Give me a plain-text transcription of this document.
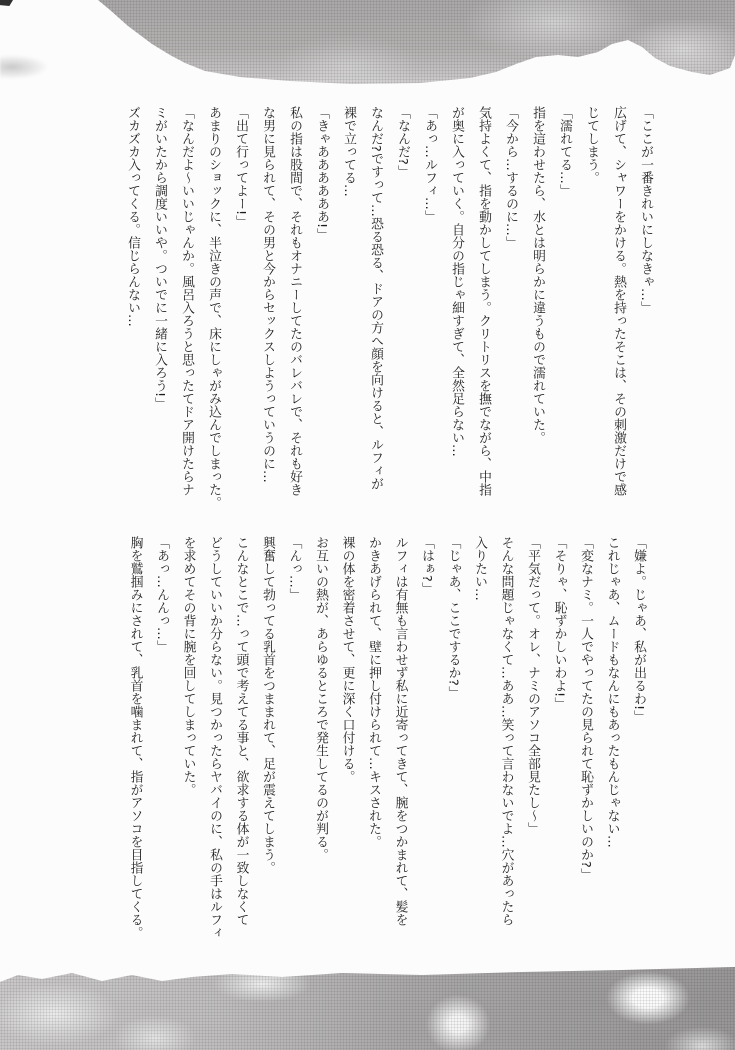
「ここが一番きれいにしなきゃ…」

広げて、シャワーをかける。熱を持ったそこは、その刺激だけで感

じてしまう。

「濡れてる…」

指を這わせたら、水とは明らかに違うもので濡れていた。

「今から…するのに…」

気持よくて、指を動かしてしまう。クリトリスを撫でながら、中指

が奥に入っていく。自分の指じゃ細すぎて、全然足らない…

「あっ…ルフィ…」

「なんだ?」

なんだ?ですって…恐る恐る、ドアの方へ顔を向けると、ルフィが

裸で立ってる…

「きゃああああああ!」

私の指は股間で、それもオナニーしてたのバレバレで、それも好き

な男に見られて、その男と今からセックスしようっていうのに…

「出て行ってよー!」

あまりのショックに、半泣きの声で、床にしゃがみ込んでしまった。

「なんだよ〜いいじゃんか。風呂入ろうと思ったてドア開けたらナ

ミがいたから調度いいや。ついでに一緒に入ろう!」

ズカズカ入ってくる。信じらんない…

「嫌よ。じゃあ、私が出るわ!」

これじゃあ、ムードもなんにもあったもんじゃない…

「変なナミ。一人でやってたの見られて恥ずかしいのか?」

「そりゃ、恥ずかしいわよ!」

「平気だって。オレ、ナミのアソコ全部見たし〜」

そんな問題じゃなくて…ああ…笑って言わないでよ…穴があったら

入りたい…

「じゃあ、ここでするか?」

「はぁ?」

ルフィは有無も言わせず私に近寄ってきて、腕をつかまれて、髪を

かきあげられて、壁に押し付けられて…キスされた。

裸の体を密着させて、更に深く口付ける。

お互いの熱が、あらゆるところで発生してるのが判る。

「んっ…」

興奮して勃ってる乳首をつままれて、足が震えてしまう。

こんなとこで…って頭で考えてる事と、欲求する体が一致しなくて

どうしていいか分らない。見つかったらヤバイのに、私の手はルフィ

を求めてその背に腕を回してしまっていた。

「あっ…んんっ…」

胸を鷲掴みにされて、乳首を噛まれて、指がアソコを目指してくる。
